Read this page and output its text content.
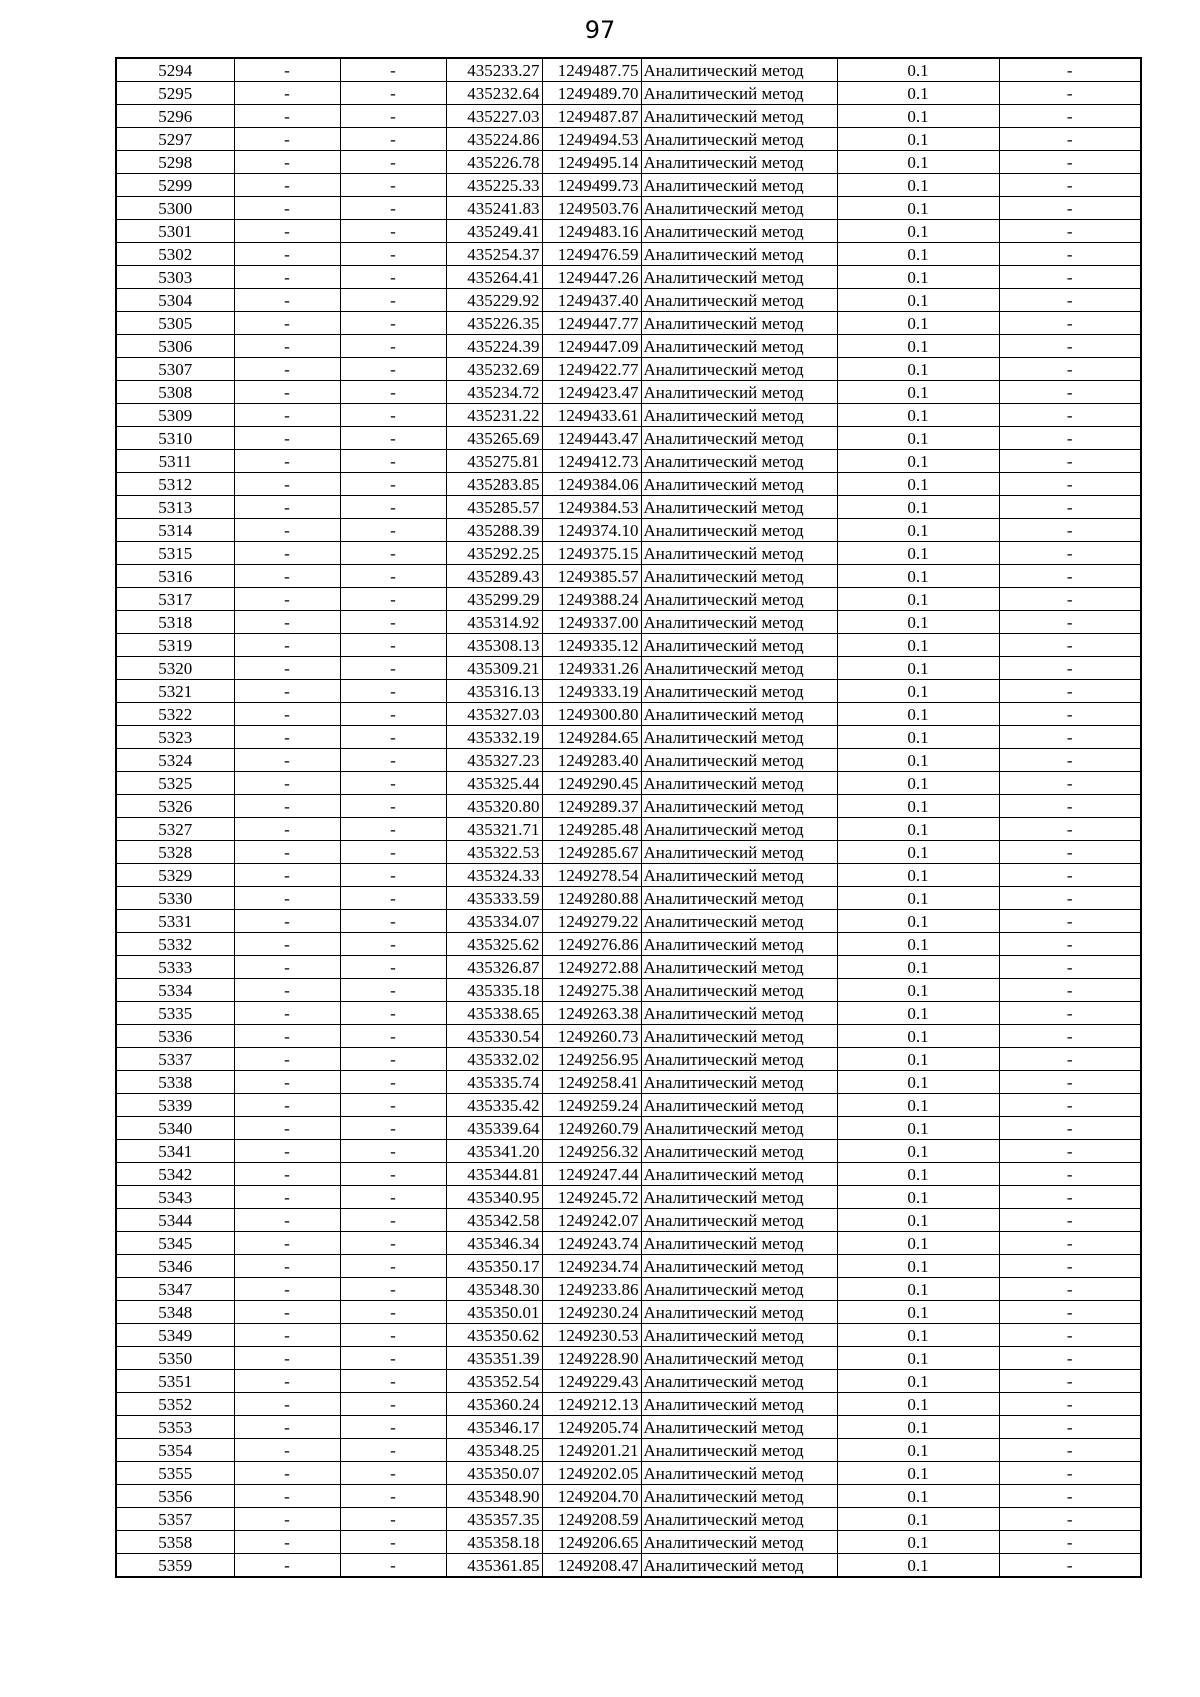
97
5294	-	-	435233.27	1249487.75	Аналитический метод	0.1	-
5295	-	-	435232.64	1249489.70	Аналитический метод	0.1	-
5296	-	-	435227.03	1249487.87	Аналитический метод	0.1	-
5297	-	-	435224.86	1249494.53	Аналитический метод	0.1	-
5298	-	-	435226.78	1249495.14	Аналитический метод	0.1	-
5299	-	-	435225.33	1249499.73	Аналитический метод	0.1	-
5300	-	-	435241.83	1249503.76	Аналитический метод	0.1	-
5301	-	-	435249.41	1249483.16	Аналитический метод	0.1	-
5302	-	-	435254.37	1249476.59	Аналитический метод	0.1	-
5303	-	-	435264.41	1249447.26	Аналитический метод	0.1	-
5304	-	-	435229.92	1249437.40	Аналитический метод	0.1	-
5305	-	-	435226.35	1249447.77	Аналитический метод	0.1	-
5306	-	-	435224.39	1249447.09	Аналитический метод	0.1	-
5307	-	-	435232.69	1249422.77	Аналитический метод	0.1	-
5308	-	-	435234.72	1249423.47	Аналитический метод	0.1	-
5309	-	-	435231.22	1249433.61	Аналитический метод	0.1	-
5310	-	-	435265.69	1249443.47	Аналитический метод	0.1	-
5311	-	-	435275.81	1249412.73	Аналитический метод	0.1	-
5312	-	-	435283.85	1249384.06	Аналитический метод	0.1	-
5313	-	-	435285.57	1249384.53	Аналитический метод	0.1	-
5314	-	-	435288.39	1249374.10	Аналитический метод	0.1	-
5315	-	-	435292.25	1249375.15	Аналитический метод	0.1	-
5316	-	-	435289.43	1249385.57	Аналитический метод	0.1	-
5317	-	-	435299.29	1249388.24	Аналитический метод	0.1	-
5318	-	-	435314.92	1249337.00	Аналитический метод	0.1	-
5319	-	-	435308.13	1249335.12	Аналитический метод	0.1	-
5320	-	-	435309.21	1249331.26	Аналитический метод	0.1	-
5321	-	-	435316.13	1249333.19	Аналитический метод	0.1	-
5322	-	-	435327.03	1249300.80	Аналитический метод	0.1	-
5323	-	-	435332.19	1249284.65	Аналитический метод	0.1	-
5324	-	-	435327.23	1249283.40	Аналитический метод	0.1	-
5325	-	-	435325.44	1249290.45	Аналитический метод	0.1	-
5326	-	-	435320.80	1249289.37	Аналитический метод	0.1	-
5327	-	-	435321.71	1249285.48	Аналитический метод	0.1	-
5328	-	-	435322.53	1249285.67	Аналитический метод	0.1	-
5329	-	-	435324.33	1249278.54	Аналитический метод	0.1	-
5330	-	-	435333.59	1249280.88	Аналитический метод	0.1	-
5331	-	-	435334.07	1249279.22	Аналитический метод	0.1	-
5332	-	-	435325.62	1249276.86	Аналитический метод	0.1	-
5333	-	-	435326.87	1249272.88	Аналитический метод	0.1	-
5334	-	-	435335.18	1249275.38	Аналитический метод	0.1	-
5335	-	-	435338.65	1249263.38	Аналитический метод	0.1	-
5336	-	-	435330.54	1249260.73	Аналитический метод	0.1	-
5337	-	-	435332.02	1249256.95	Аналитический метод	0.1	-
5338	-	-	435335.74	1249258.41	Аналитический метод	0.1	-
5339	-	-	435335.42	1249259.24	Аналитический метод	0.1	-
5340	-	-	435339.64	1249260.79	Аналитический метод	0.1	-
5341	-	-	435341.20	1249256.32	Аналитический метод	0.1	-
5342	-	-	435344.81	1249247.44	Аналитический метод	0.1	-
5343	-	-	435340.95	1249245.72	Аналитический метод	0.1	-
5344	-	-	435342.58	1249242.07	Аналитический метод	0.1	-
5345	-	-	435346.34	1249243.74	Аналитический метод	0.1	-
5346	-	-	435350.17	1249234.74	Аналитический метод	0.1	-
5347	-	-	435348.30	1249233.86	Аналитический метод	0.1	-
5348	-	-	435350.01	1249230.24	Аналитический метод	0.1	-
5349	-	-	435350.62	1249230.53	Аналитический метод	0.1	-
5350	-	-	435351.39	1249228.90	Аналитический метод	0.1	-
5351	-	-	435352.54	1249229.43	Аналитический метод	0.1	-
5352	-	-	435360.24	1249212.13	Аналитический метод	0.1	-
5353	-	-	435346.17	1249205.74	Аналитический метод	0.1	-
5354	-	-	435348.25	1249201.21	Аналитический метод	0.1	-
5355	-	-	435350.07	1249202.05	Аналитический метод	0.1	-
5356	-	-	435348.90	1249204.70	Аналитический метод	0.1	-
5357	-	-	435357.35	1249208.59	Аналитический метод	0.1	-
5358	-	-	435358.18	1249206.65	Аналитический метод	0.1	-
5359	-	-	435361.85	1249208.47	Аналитический метод	0.1	-
